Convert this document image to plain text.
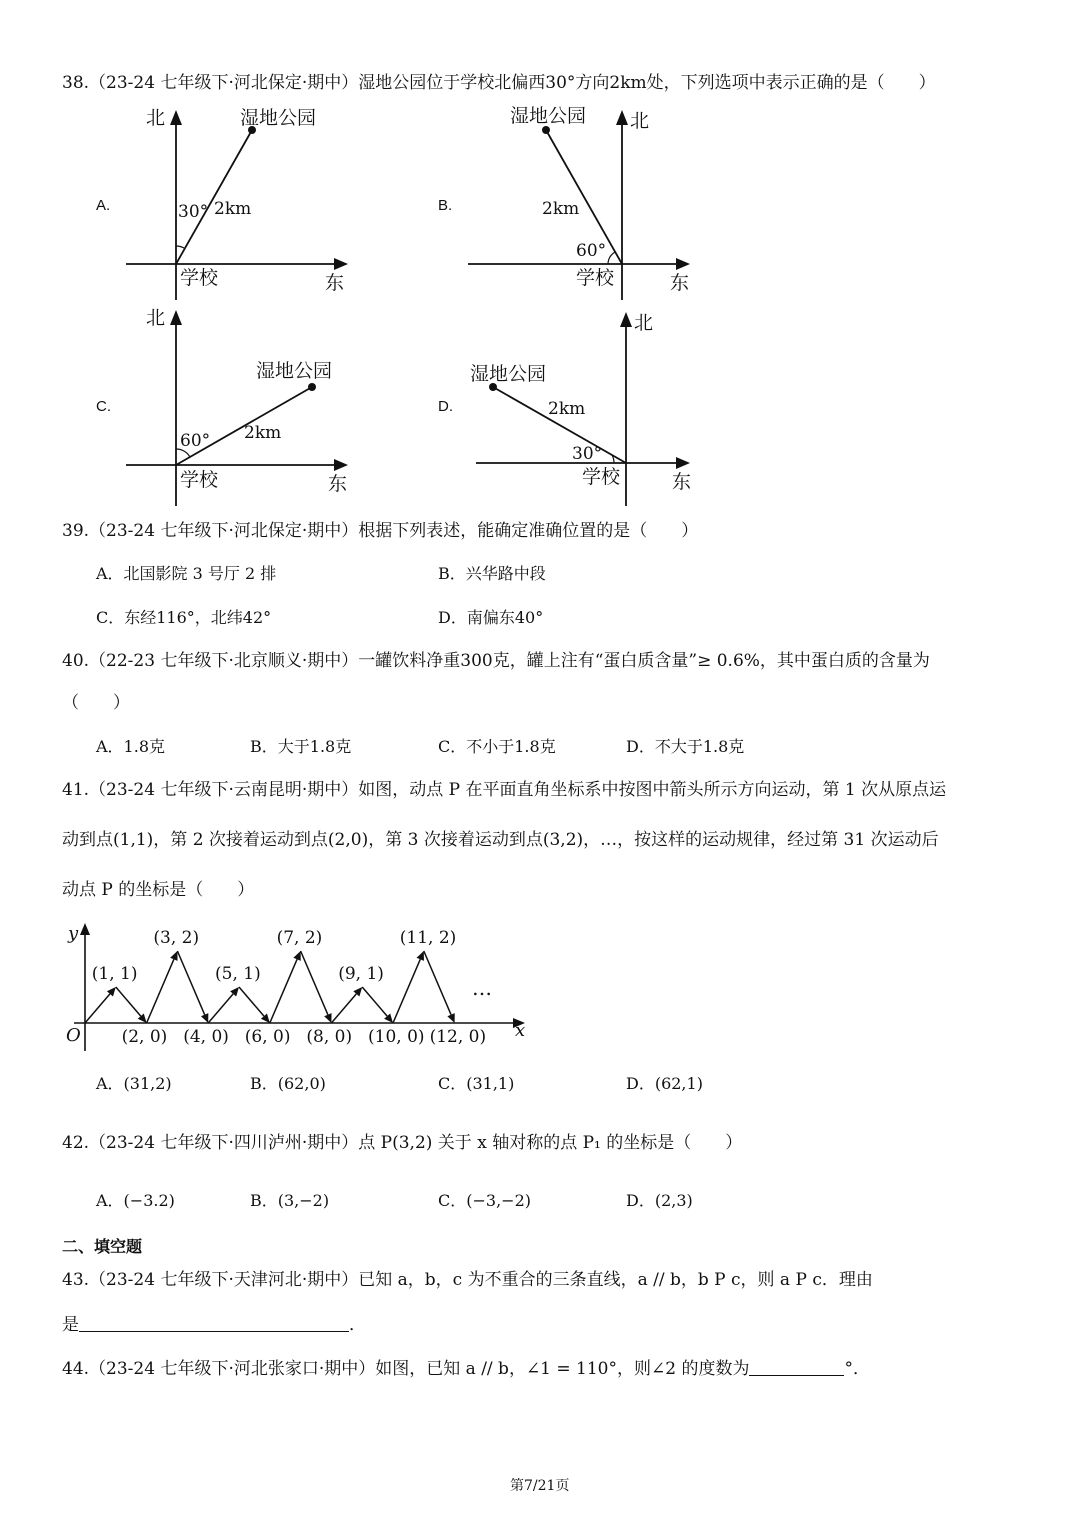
38.（23-24 七年级下·河北保定·期中）湿地公园位于学校北偏西30°方向2km处，下列选项中表示正确的是（　　）
A.
北
东
学校
湿地公园
30° 2km	B.
北
东
学校
湿地公园
60°
2km
C.
北
东
学校
湿地公园
60° 2km
D.
北
东
学校
湿地公园
30°
2km
39.（23-24 七年级下·河北保定·期中）根据下列表述，能确定准确位置的是（　　）
A．北国影院 3 号厅 2 排	B．兴华路中段
C．东经116°，北纬42°	D．南偏东40°
40.（22-23 七年级下·北京顺义·期中）一罐饮料净重300克，罐上注有“蛋白质含量”≥ 0.6%，其中蛋白质的含量为
（　　）
A．1.8克	B．大于1.8克	C．不小于1.8克	D．不大于1.8克
41.（23-24 七年级下·云南昆明·期中）如图，动点 P 在平面直角坐标系中按图中箭头所示方向运动，第 1 次从原点运
动到点(1,1)，第 2 次接着运动到点(2,0)，第 3 次接着运动到点(3,2)，…，按这样的运动规律，经过第 31 次运动后
动点 P 的坐标是（　　）
y
x
O
…
(1, 1)
(3, 2)
(5, 1)
(7, 2)
(9, 1)
(11, 2)
(2, 0) (4, 0) (6, 0) (8, 0) (10, 0) (12, 0)
A．(31,2)	B．(62,0)	C．(31,1)	D．(62,1)
42.（23-24 七年级下·四川泸州·期中）点 P(3,2) 关于 x 轴对称的点 P₁ 的坐标是（　　）
A．(−3.2)	B．(3,−2)	C．(−3,−2)	D．(2,3)
二、填空题
43.（23-24 七年级下·天津河北·期中）已知 a，b，c 为不重合的三条直线，a // b，b P c，则 a P c．理由
是	．
44.（23-24 七年级下·河北张家口·期中）如图，已知 a // b，∠1 = 110°，则∠2 的度数为	°．
第7/21页
